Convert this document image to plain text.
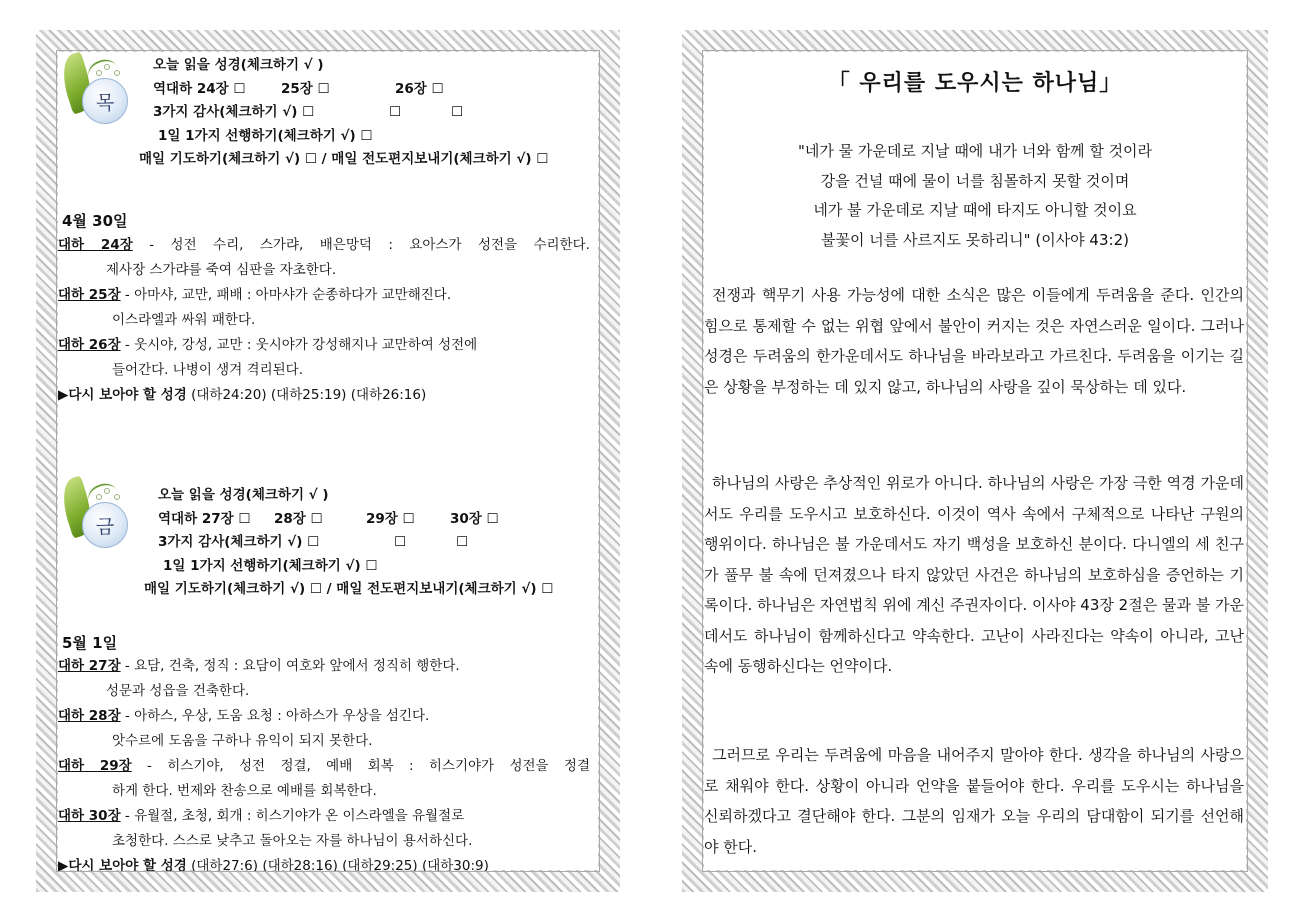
목
오늘 읽을 성경(체크하기 √ )
역대하 24장 ☐	25장 ☐	26장 ☐
3가지 감사(체크하기 √) ☐	☐	☐
1일 1가지 선행하기(체크하기 √) ☐
매일 기도하기(체크하기 √) ☐ / 매일 전도편지보내기(체크하기 √) ☐
4월 30일
대하 24장 - 성전 수리, 스가랴, 배은망덕 : 요아스가 성전을 수리한다.
제사장 스가랴를 죽여 심판을 자초한다.
대하 25장 - 아마샤, 교만, 패배 : 아마샤가 순종하다가 교만해진다.
이스라엘과 싸워 패한다.
대하 26장 - 웃시야, 강성, 교만 : 웃시야가 강성해지나 교만하여 성전에
들어간다. 나병이 생겨 격리된다.
▶다시 보아야 할 성경 (대하24:20) (대하25:19) (대하26:16)
금
오늘 읽을 성경(체크하기 √ )
역대하 27장 ☐ 28장 ☐	29장 ☐	30장 ☐
3가지 감사(체크하기 √) ☐	☐	☐
1일 1가지 선행하기(체크하기 √) ☐
매일 기도하기(체크하기 √) ☐ / 매일 전도편지보내기(체크하기 √) ☐
5월 1일
대하 27장 - 요담, 건축, 정직 : 요담이 여호와 앞에서 정직히 행한다.
성문과 성읍을 건축한다.
대하 28장 - 아하스, 우상, 도움 요청 : 아하스가 우상을 섬긴다.
앗수르에 도움을 구하나 유익이 되지 못한다.
대하 29장 - 히스기야, 성전 정결, 예배 회복 : 히스기야가 성전을 정결
하게 한다. 번제와 찬송으로 예배를 회복한다.
대하 30장 - 유월절, 초청, 회개 : 히스기야가 온 이스라엘을 유월절로
초청한다. 스스로 낮추고 돌아오는 자를 하나님이 용서하신다.
▶다시 보아야 할 성경 (대하27:6) (대하28:16) (대하29:25) (대하30:9)
「 우리를 도우시는 하나님」
"네가 물 가운데로 지날 때에 내가 너와 함께 할 것이라
강을 건널 때에 물이 너를 침몰하지 못할 것이며
네가 불 가운데로 지날 때에 타지도 아니할 것이요
불꽃이 너를 사르지도 못하리니" (이사야 43:2)

전쟁과 핵무기 사용 가능성에 대한 소식은 많은 이들에게 두려움을 준다. 인간의 힘으로 통제할 수 없는 위협 앞에서 불안이 커지는 것은 자연스러운 일이다. 그러나 성경은 두려움의 한가운데서도 하나님을 바라보라고 가르친다. 두려움을 이기는 길은 상황을 부정하는 데 있지 않고, 하나님의 사랑을 깊이 묵상하는 데 있다.

하나님의 사랑은 추상적인 위로가 아니다. 하나님의 사랑은 가장 극한 역경 가운데서도 우리를 도우시고 보호하신다. 이것이 역사 속에서 구체적으로 나타난 구원의 행위이다. 하나님은 불 가운데서도 자기 백성을 보호하신 분이다. 다니엘의 세 친구가 풀무 불 속에 던져졌으나 타지 않았던 사건은 하나님의 보호하심을 증언하는 기록이다. 하나님은 자연법칙 위에 계신 주권자이다. 이사야 43장 2절은 물과 불 가운데서도 하나님이 함께하신다고 약속한다. 고난이 사라진다는 약속이 아니라, 고난 속에 동행하신다는 언약이다.

그러므로 우리는 두려움에 마음을 내어주지 말아야 한다. 생각을 하나님의 사랑으로 채워야 한다. 상황이 아니라 언약을 붙들어야 한다. 우리를 도우시는 하나님을 신뢰하겠다고 결단해야 한다. 그분의 임재가 오늘 우리의 담대함이 되기를 선언해야 한다.
